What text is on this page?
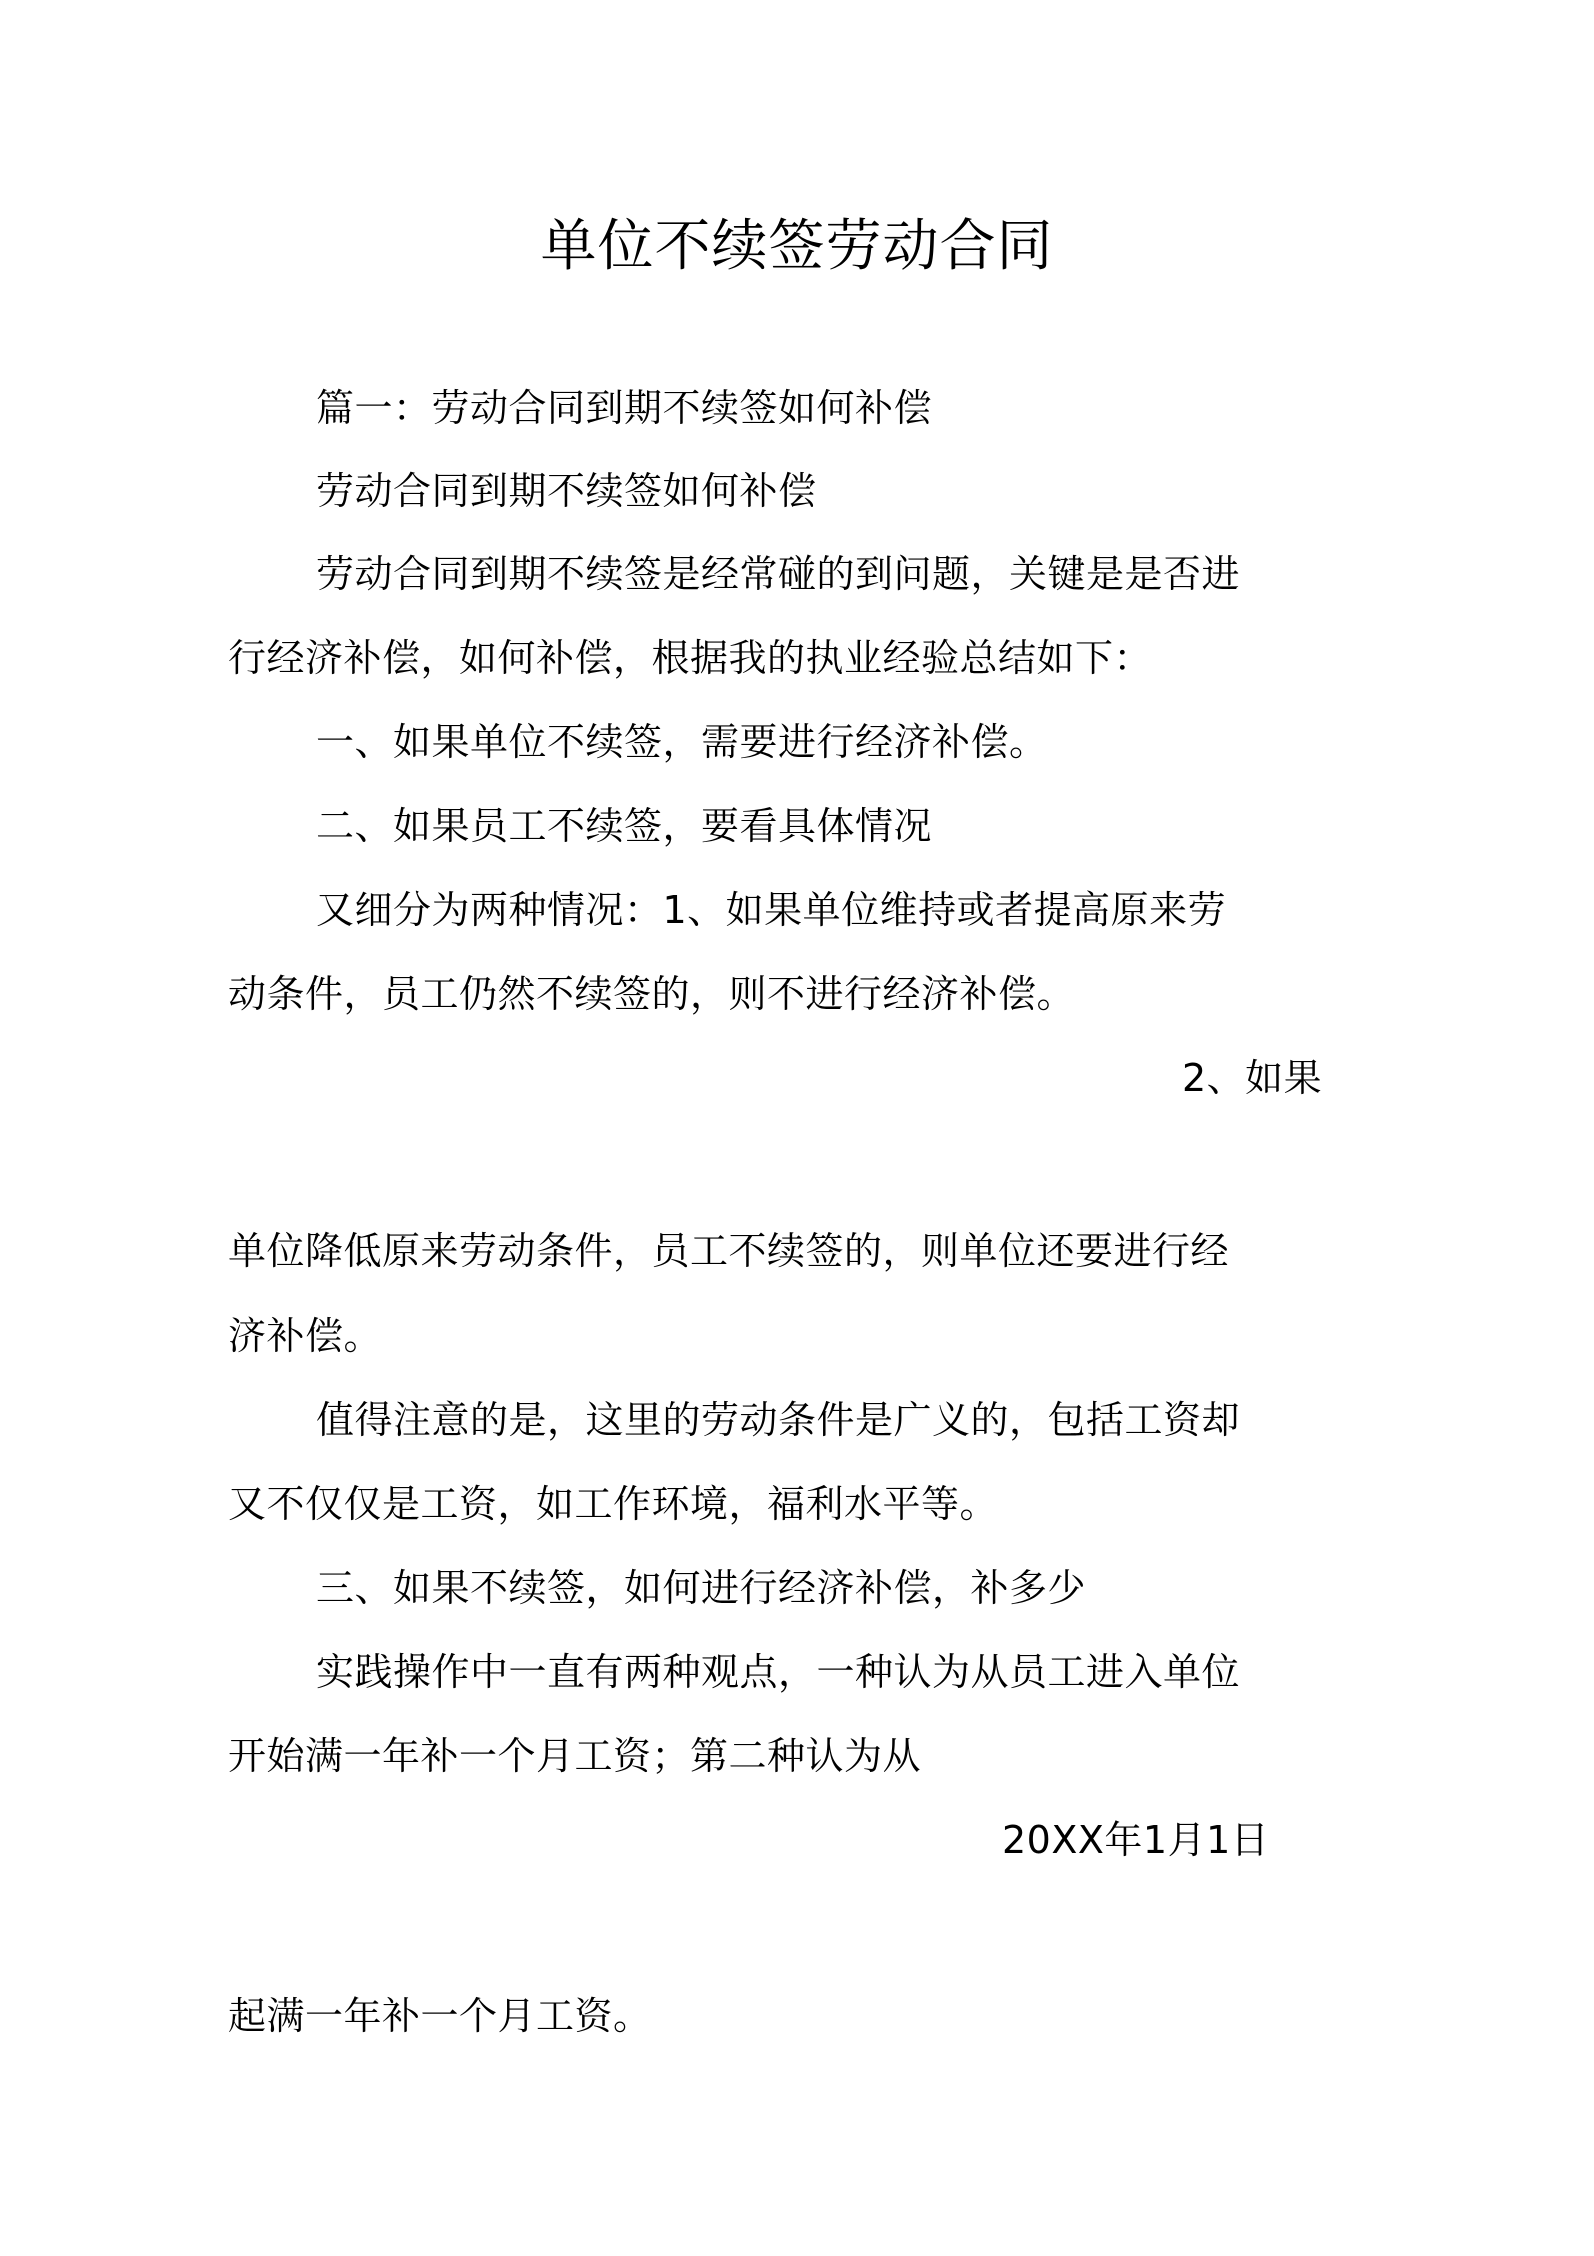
单位不续签劳动合同
篇一：劳动合同到期不续签如何补偿
劳动合同到期不续签如何补偿
劳动合同到期不续签是经常碰的到问题，关键是是否进
行经济补偿，如何补偿，根据我的执业经验总结如下：
一、如果单位不续签，需要进行经济补偿。
二、如果员工不续签，要看具体情况
又细分为两种情况：1、如果单位维持或者提高原来劳
动条件，员工仍然不续签的，则不进行经济补偿。
2、如果
单位降低原来劳动条件，员工不续签的，则单位还要进行经
济补偿。
值得注意的是，这里的劳动条件是广义的，包括工资却
又不仅仅是工资，如工作环境，福利水平等。
三、如果不续签，如何进行经济补偿，补多少
实践操作中一直有两种观点，一种认为从员工进入单位
开始满一年补一个月工资；第二种认为从
20XX年1月1日
起满一年补一个月工资。
